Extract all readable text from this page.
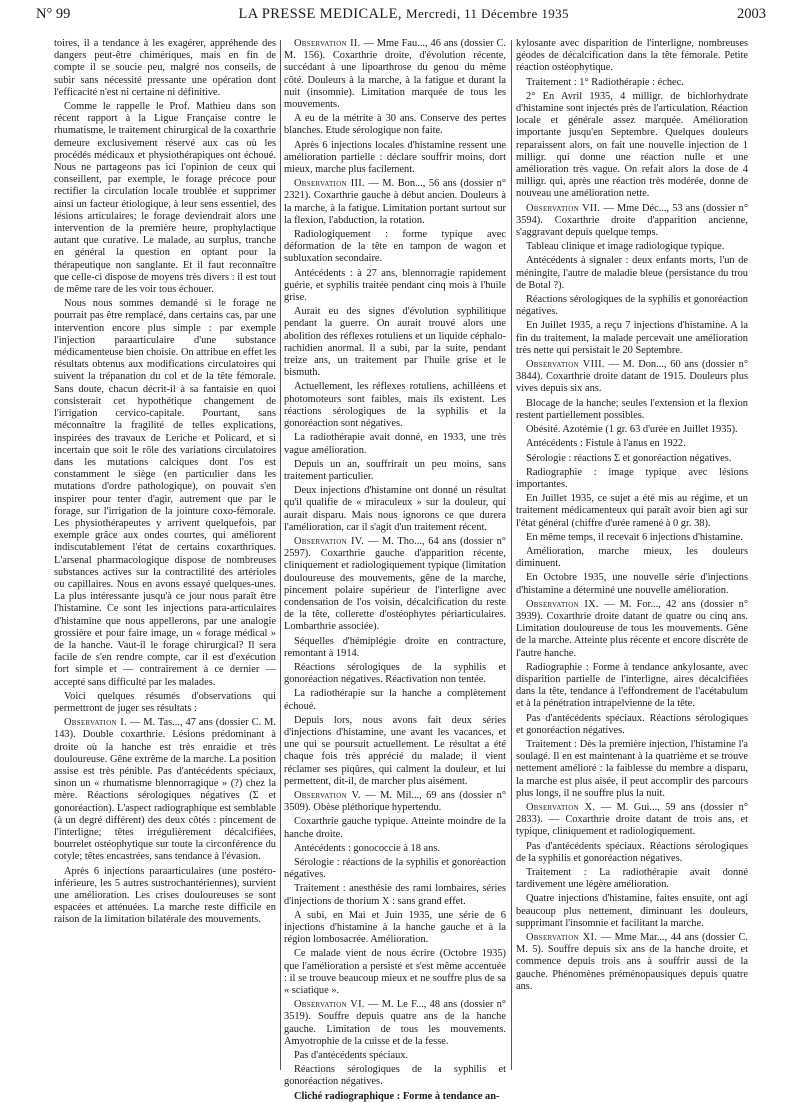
N° 99	LA PRESSE MEDICALE, Mercredi, 11 Décembre 1935	2003

toires, il a tendance à les exagérer, appréhende des dangers peut-être chimériques, mais en fin de compte il se soucie peu, malgré nos conseils, de subir sans nécessité pressante une opération dont l'efficacité n'est ni certaine ni définitive.

Comme le rappelle le Prof. Mathieu dans son récent rapport à la Ligue Française contre le rhumatisme, le traitement chirurgical de la coxarthrie demeure exclusivement réservé aux cas où les procédés médicaux et physiothérapiques ont échoué. Nous ne partageons pas ici l'opinion de ceux qui conseillent, par exemple, le forage précoce pour rectifier la circulation locale troublée et supprimer ainsi un facteur étiologique, à leur sens essentiel, des lésions articulaires; le forage deviendrait alors une intervention de la première heure, prophylactique autant que curative. Le malade, au surplus, tranche en général la question en optant pour la thérapeutique non sanglante. Et il faut reconnaître que celle-ci dispose de moyens très divers : il est tout de même rare de les voir tous échouer.

Nous nous sommes demandé si le forage ne pourrait pas être remplacé, dans certains cas, par une intervention encore plus simple : par exemple l'injection paraarticulaire d'une substance médicamenteuse bien choisie. On attribue en effet les résultats obtenus aux modifications circulatoires qui suivent la trépanation du col et de la tête fémorale. Sans doute, chacun décrit-il à sa fantaisie en quoi consisterait cet hypothétique changement de l'irrigation cervico-capitale. Pourtant, sans méconnaître la fragilité de telles explications, inspirées des travaux de Leriche et Policard, et si incertain que soit le rôle des variations circulatoires dans les mutations calciques dont l'os est constamment le siège (en particulier dans les mutations d'ordre pathologique), on pouvait s'en inspirer pour tenter d'agir, autrement que par le forage, sur l'irrigation de la jointure coxo-fémorale. Les physiothérapeutes y arrivent quelquefois, par exemple grâce aux ondes courtes, qui améliorent indiscutablement l'état de certains coxarthriques. L'arsenal pharmacologique dispose de nombreuses substances actives sur la contractilité des artérioles ou capillaires. Nous en avons essayé quelques-unes. La plus intéressante jusqu'à ce jour nous paraît être l'histamine. Ce sont les injections para-articulaires d'histamine que nous appellerons, par une analogie grossière et pour faire image, un « forage médical » de la hanche. Vaut-il le forage chirurgical? Il sera facile de s'en rendre compte, car il est d'exécution fort simple et — contrairement à ce dernier — accepté sans difficulté par les malades.

Voici quelques résumés d'observations qui permettront de juger ses résultats :

Observation I. — M. Tas..., 47 ans (dossier C. M. 143). Double coxarthrie. Lésions prédominant à droite où la hanche est très enraidie et très douloureuse. Gêne extrême de la marche. La position assise est très pénible. Pas d'antécédents spéciaux, sinon un « rhumatisme blennorragique » (?) chez la mère. Réactions sérologiques négatives (Σ et gonoréaction). L'aspect radiographique est semblable (à un degré différent) des deux côtés : pincement de l'interligne; têtes irrégulièrement décalcifiées, bourrelet ostéophytique sur toute la circonférence du cotyle; têtes encastrées, sans tendance à l'évasion.

Après 6 injections paraarticulaires (une postéro-inférieure, les 5 autres sustrochantériennes), survient une amélioration. Les crises douloureuses se sont espacées et atténuées. La marche reste difficile en raison de la limitation bilatérale des mouvements.

Observation II. — Mme Fau..., 46 ans (dossier C. M. 156). Coxarthrie droite, d'évolution récente, succédant à une lipoarthrose du genou du même côté. Douleurs à la marche, à la fatigue et durant la nuit (insomnie). Limitation marquée de tous les mouvements.

A eu de la métrite à 30 ans. Conserve des pertes blanches. Etude sérologique non faite.

Après 6 injections locales d'histamine ressent une amélioration partielle : déclare souffrir moins, dort mieux, marche plus facilement.

Observation III. — M. Bon..., 56 ans (dossier n° 2321). Coxarthrie gauche à début ancien. Douleurs à la marche, à la fatigue. Limitation portant surtout sur la flexion, l'abduction, la rotation.

Radiologiquement : forme typique avec déformation de la tête en tampon de wagon et subluxation secondaire.

Antécédents : à 27 ans, blennorragie rapidement guérie, et syphilis traitée pendant cinq mois à l'huile grise.

Aurait eu des signes d'évolution syphilitique pendant la guerre. On aurait trouvé alors une abolition des réflexes rotuliens et un liquide céphalo-rachidien anormal. Il a subi, par la suite, pendant treize ans, un traitement par l'huile grise et le bismuth.

Actuellement, les réflexes rotuliens, achilléens et photomoteurs sont faibles, mais ils existent. Les réactions sérologiques de la syphilis et la gonoréaction sont négatives.

La radiothérapie avait donné, en 1933, une très vague amélioration.

Depuis un an, souffrirait un peu moins, sans traitement particulier.

Deux injections d'histamine ont donné un résultat qu'il qualifie de « miraculeux » sur la douleur, qui aurait disparu. Mais nous ignorons ce que durera l'amélioration, car il s'agit d'un traitement récent.

Observation IV. — M. Tho..., 64 ans (dossier n° 2597). Coxarthrie gauche d'apparition récente, cliniquement et radiologiquement typique (limitation douloureuse des mouvements, gêne de la marche, pincement polaire supérieur de l'interligne avec condensation de l'os voisin, décalcification du reste de la tête, collerette d'ostéophytes périarticulaires. Lombarthrie associée).

Séquelles d'hémiplégie droite en contracture, remontant à 1914.

Réactions sérologiques de la syphilis et gonoréaction négatives. Réactivation non tentée.

La radiothérapie sur la hanche a complètement échoué.

Depuis lors, nous avons fait deux séries d'injections d'histamine, une avant les vacances, et une qui se poursuit actuellement. Le résultat a été chaque fois très apprécié du malade; il vient réclamer ses piqûres, qui calment la douleur, et lui permettent, dit-il, de marcher plus aisément.

Observation V. — M. Mil..., 69 ans (dossier n° 3509). Obèse pléthorique hypertendu.

Coxarthrie gauche typique. Atteinte moindre de la hanche droite.

Antécédents : gonococcie à 18 ans.

Sérologie : réactions de la syphilis et gonoréaction négatives.

Traitement : anesthésie des rami lombaires, séries d'injections de thorium X : sans grand effet.

A subi, en Mai et Juin 1935, une série de 6 injections d'histamine à la hanche gauche et à la région lombosacrée. Amélioration.

Ce malade vient de nous écrire (Octobre 1935) que l'amélioration a persisté et s'est même accentuée : il se trouve beaucoup mieux et ne souffre plus de sa « sciatique ».

Observation VI. — M. Le F..., 48 ans (dossier n° 3519). Souffre depuis quatre ans de la hanche gauche. Limitation de tous les mouvements. Amyotrophie de la cuisse et de la fesse.

Pas d'antécédents spéciaux.

Réactions sérologiques de la syphilis et gonoréaction négatives.

Cliché radiographique : Forme à tendance an-

kylosante avec disparition de l'interligne, nombreuses géodes de décalcification dans la tête fémorale. Petite réaction ostéophytique.

Traitement : 1° Radiothérapie : échec.

2° En Avril 1935, 4 milligr. de bichlorhydrate d'histamine sont injectés près de l'articulation. Réaction locale et générale assez marquée. Amélioration importante jusqu'en Septembre. Quelques douleurs reparaissent alors, on fait une nouvelle injection de 1 milligr. qui donne une réaction nulle et une amélioration très vague. On refait alors la dose de 4 milligr. qui, après une réaction très modérée, donne de nouveau une amélioration nette.

Observation VII. — Mme Déc..., 53 ans (dossier n° 3594). Coxarthrie droite d'apparition ancienne, s'aggravant depuis quelque temps.

Tableau clinique et image radiologique typique.

Antécédents à signaler : deux enfants morts, l'un de méningite, l'autre de maladie bleue (persistance du trou de Botal ?).

Réactions sérologiques de la syphilis et gonoréaction négatives.

En Juillet 1935, a reçu 7 injections d'histamine. A la fin du traitement, la malade percevait une amélioration très nette qui persistait le 20 Septembre.

Observation VIII. — M. Don..., 60 ans (dossier n° 3844). Coxarthrie droite datant de 1915. Douleurs plus vives depuis six ans.

Blocage de la hanche; seules l'extension et la flexion restent partiellement possibles.

Obésité. Azotémie (1 gr. 63 d'urée en Juillet 1935).

Antécédents : Fistule à l'anus en 1922.

Sérologie : réactions Σ et gonoréaction négatives.

Radiographie : image typique avec lésions importantes.

En Juillet 1935, ce sujet a été mis au régime, et un traitement médicamenteux qui paraît avoir bien agi sur l'état général (chiffre d'urée ramené à 0 gr. 38).

En même temps, il recevait 6 injections d'histamine.

Amélioration, marche mieux, les douleurs diminuent.

En Octobre 1935, une nouvelle série d'injections d'histamine a déterminé une nouvelle amélioration.

Observation IX. — M. For..., 42 ans (dossier n° 3939). Coxarthrie droite datant de quatre ou cinq ans. Limitation douloureuse de tous les mouvements. Gêne de la marche. Atteinte plus récente et encore discrète de l'autre hanche.

Radiographie : Forme à tendance ankylosante, avec disparition partielle de l'interligne, aires décalcifiées dans la tête, tendance à l'effondrement de l'acétabulum et à la pénétration intrapelvienne de la tête.

Pas d'antécédents spéciaux. Réactions sérologiques et gonoréaction négatives.

Traitement : Dès la première injection, l'histamine l'a soulagé. Il en est maintenant à la quatrième et se trouve nettement amélioré : la faiblesse du membre a disparu, la marche est plus aisée, il peut accomplir des parcours plus longs, il ne souffre plus la nuit.

Observation X. — M. Gui..., 59 ans (dossier n° 2833). — Coxarthrie droite datant de trois ans, et typique, cliniquement et radiologiquement.

Pas d'antécédents spéciaux. Réactions sérologiques de la syphilis et gonoréaction négatives.

Traitement : La radiothérapie avait donné tardivement une légère amélioration.

Quatre injections d'histamine, faites ensuite, ont agi beaucoup plus nettement, diminuant les douleurs, supprimant l'insomnie et facilitant la marche.

Observation XI. — Mme Mar..., 44 ans (dossier C. M. 5). Souffre depuis six ans de la hanche droite, et commence depuis trois ans à souffrir aussi de la gauche. Phénomènes préménopausiques depuis quatre ans.
